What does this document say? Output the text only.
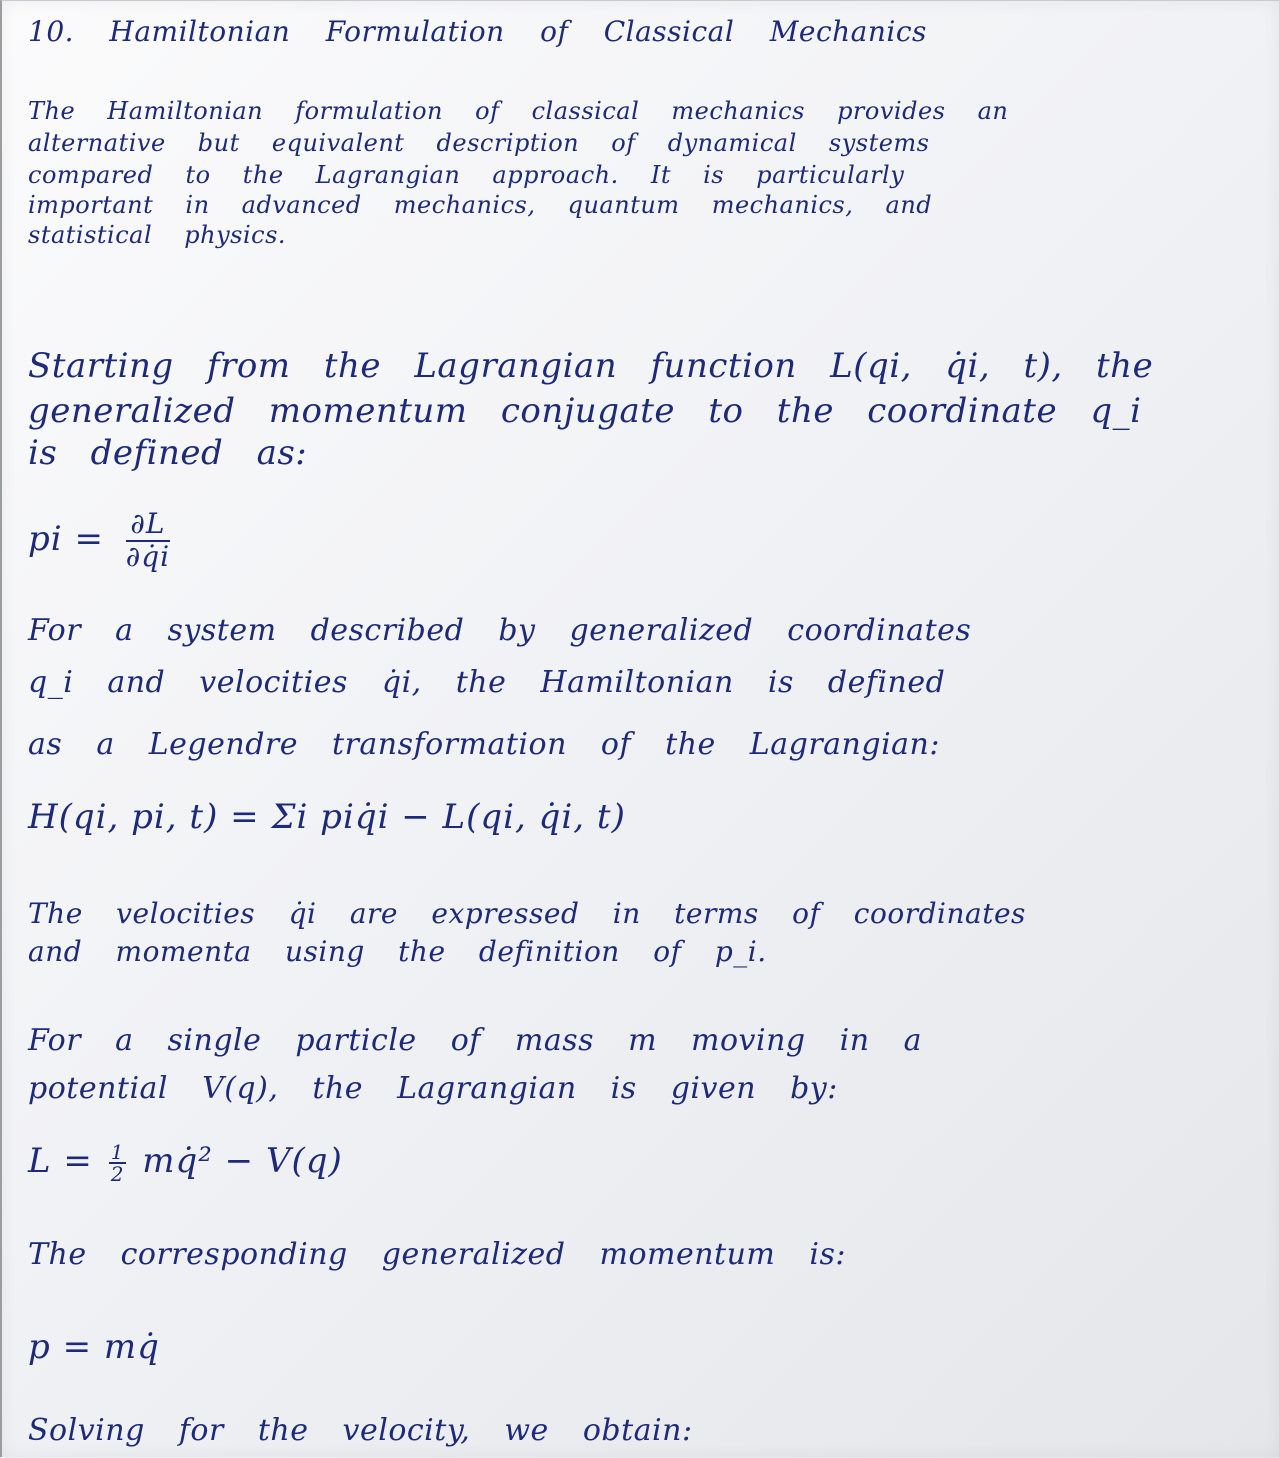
10. Hamiltonian Formulation of Classical Mechanics
The Hamiltonian formulation of classical mechanics provides an
alternative but equivalent description of dynamical systems
compared to the Lagrangian approach. It is particularly
important in advanced mechanics, quantum mechanics, and
statistical physics.
Starting from the Lagrangian function L(qi, q̇i, t), the
generalized momentum conjugate to the coordinate q_i
is defined as:
pi = $\frac{\partial L}{\partial q̇i}$
For a system described by generalized coordinates
q_i and velocities q̇i, the Hamiltonian is defined
as a Legendre transformation of the Lagrangian:
H(qi, pi, t) = Σi piq̇i − L(qi, q̇i, t)
The velocities q̇i are expressed in terms of coordinates
and momenta using the definition of p_i.
For a single particle of mass m moving in a
potential V(q), the Lagrangian is given by:
$L = \frac{1}{2}$ mq̇² − V(q)
The corresponding generalized momentum is:
p = mq̇
Solving for the velocity, we obtain:
